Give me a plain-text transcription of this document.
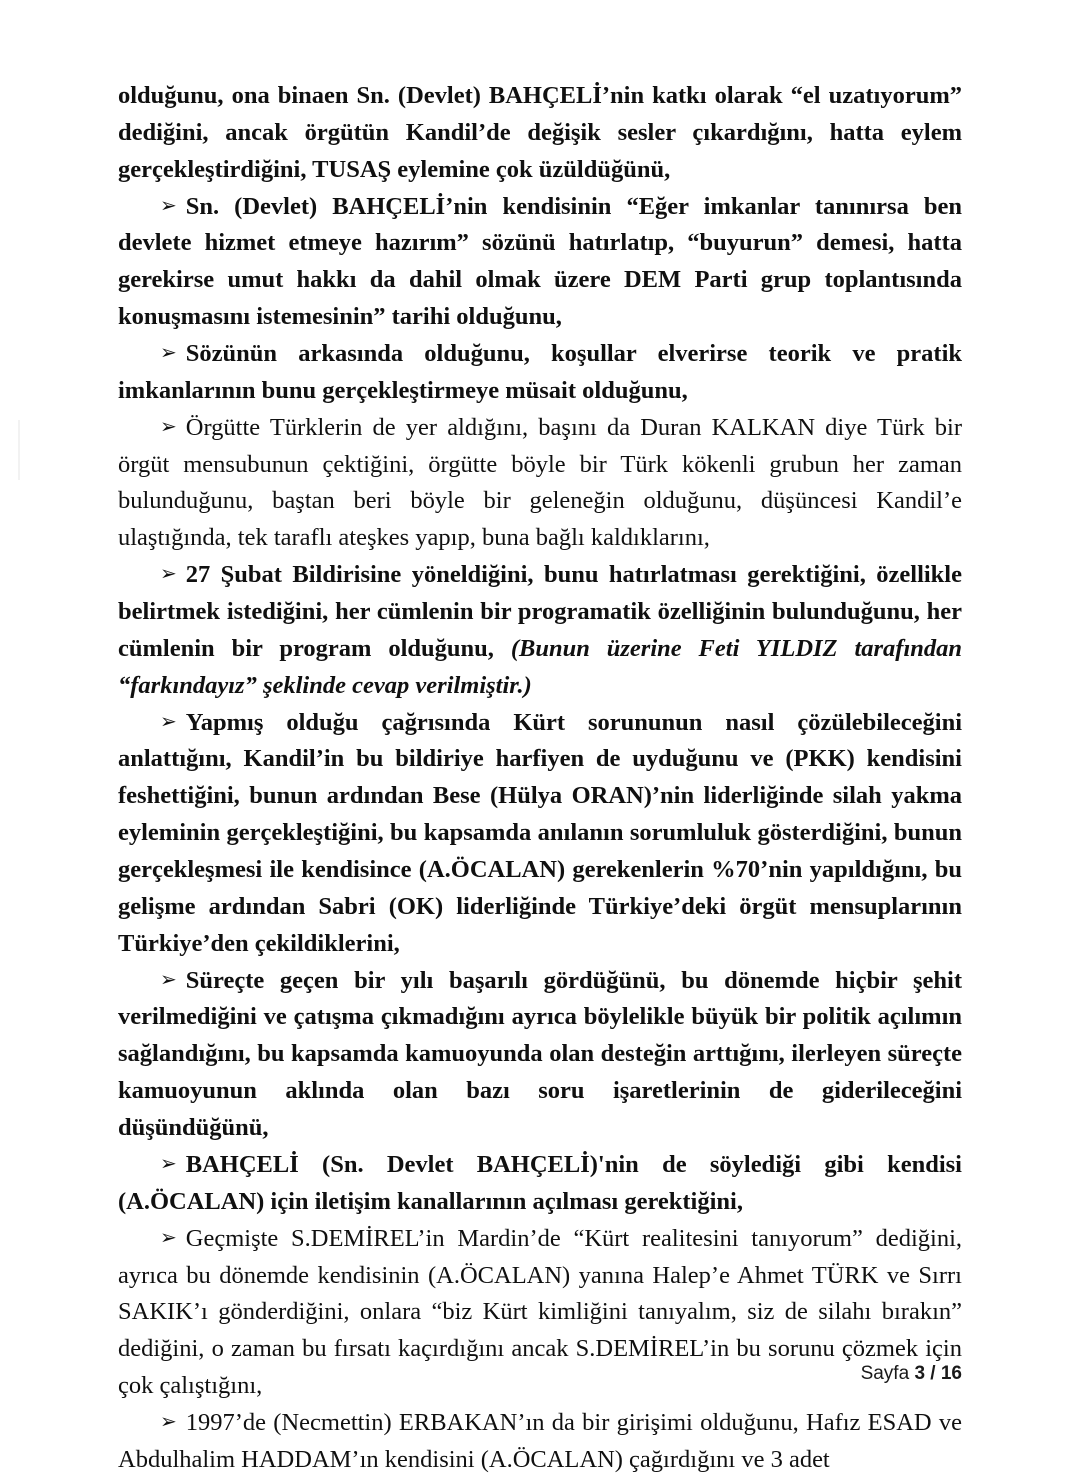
olduğunu, ona binaen Sn. (Devlet) BAHÇELİ’nin katkı olarak “el uzatıyorum” dediğini, ancak örgütün Kandil’de değişik sesler çıkardığını, hatta eylem gerçekleştirdiğini, TUSAŞ eylemine çok üzüldüğünü,

➢ Sn. (Devlet) BAHÇELİ’nin kendisinin “Eğer imkanlar tanınırsa ben devlete hizmet etmeye hazırım” sözünü hatırlatıp, “buyurun” demesi, hatta gerekirse umut hakkı da dahil olmak üzere DEM Parti grup toplantısında konuşmasını istemesinin” tarihi olduğunu,

➢ Sözünün arkasında olduğunu, koşullar elverirse teorik ve pratik imkanlarının bunu gerçekleştirmeye müsait olduğunu,

➢ Örgütte Türklerin de yer aldığını, başını da Duran KALKAN diye Türk bir örgüt mensubunun çektiğini, örgütte böyle bir Türk kökenli grubun her zaman bulunduğunu, baştan beri böyle bir geleneğin olduğunu, düşüncesi Kandil’e ulaştığında, tek taraflı ateşkes yapıp, buna bağlı kaldıklarını,

➢ 27 Şubat Bildirisine yöneldiğini, bunu hatırlatması gerektiğini, özellikle belirtmek istediğini, her cümlenin bir programatik özelliğinin bulunduğunu, her cümlenin bir program olduğunu, (Bunun üzerine Feti YILDIZ tarafından “farkındayız” şeklinde cevap verilmiştir.)

➢ Yapmış olduğu çağrısında Kürt sorununun nasıl çözülebileceğini anlattığını, Kandil’in bu bildiriye harfiyen de uyduğunu ve (PKK) kendisini feshettiğini, bunun ardından Bese (Hülya ORAN)’nin liderliğinde silah yakma eyleminin gerçekleştiğini, bu kapsamda anılanın sorumluluk gösterdiğini, bunun gerçekleşmesi ile kendisince (A.ÖCALAN) gerekenlerin %70’nin yapıldığını, bu gelişme ardından Sabri (OK) liderliğinde Türkiye’deki örgüt mensuplarının Türkiye’den çekildiklerini,

➢ Süreçte geçen bir yılı başarılı gördüğünü, bu dönemde hiçbir şehit verilmediğini ve çatışma çıkmadığını ayrıca böylelikle büyük bir politik açılımın sağlandığını, bu kapsamda kamuoyunda olan desteğin arttığını, ilerleyen süreçte kamuoyunun aklında olan bazı soru işaretlerinin de giderileceğini düşündüğünü,

➢ BAHÇELİ (Sn. Devlet BAHÇELİ)'nin de söylediği gibi kendisi (A.ÖCALAN) için iletişim kanallarının açılması gerektiğini,

➢ Geçmişte S.DEMİREL’in Mardin’de “Kürt realitesini tanıyorum” dediğini, ayrıca bu dönemde kendisinin (A.ÖCALAN) yanına Halep’e Ahmet TÜRK ve Sırrı SAKIK’ı gönderdiğini, onlara “biz Kürt kimliğini tanıyalım, siz de silahı bırakın” dediğini, o zaman bu fırsatı kaçırdığını ancak S.DEMİREL’in bu sorunu çözmek için çok çalıştığını,

➢ 1997’de (Necmettin) ERBAKAN’ın da bir girişimi olduğunu, Hafız ESAD ve Abdulhalim HADDAM’ın kendisini (A.ÖCALAN) çağırdığını ve 3 adet

Sayfa 3 / 16
